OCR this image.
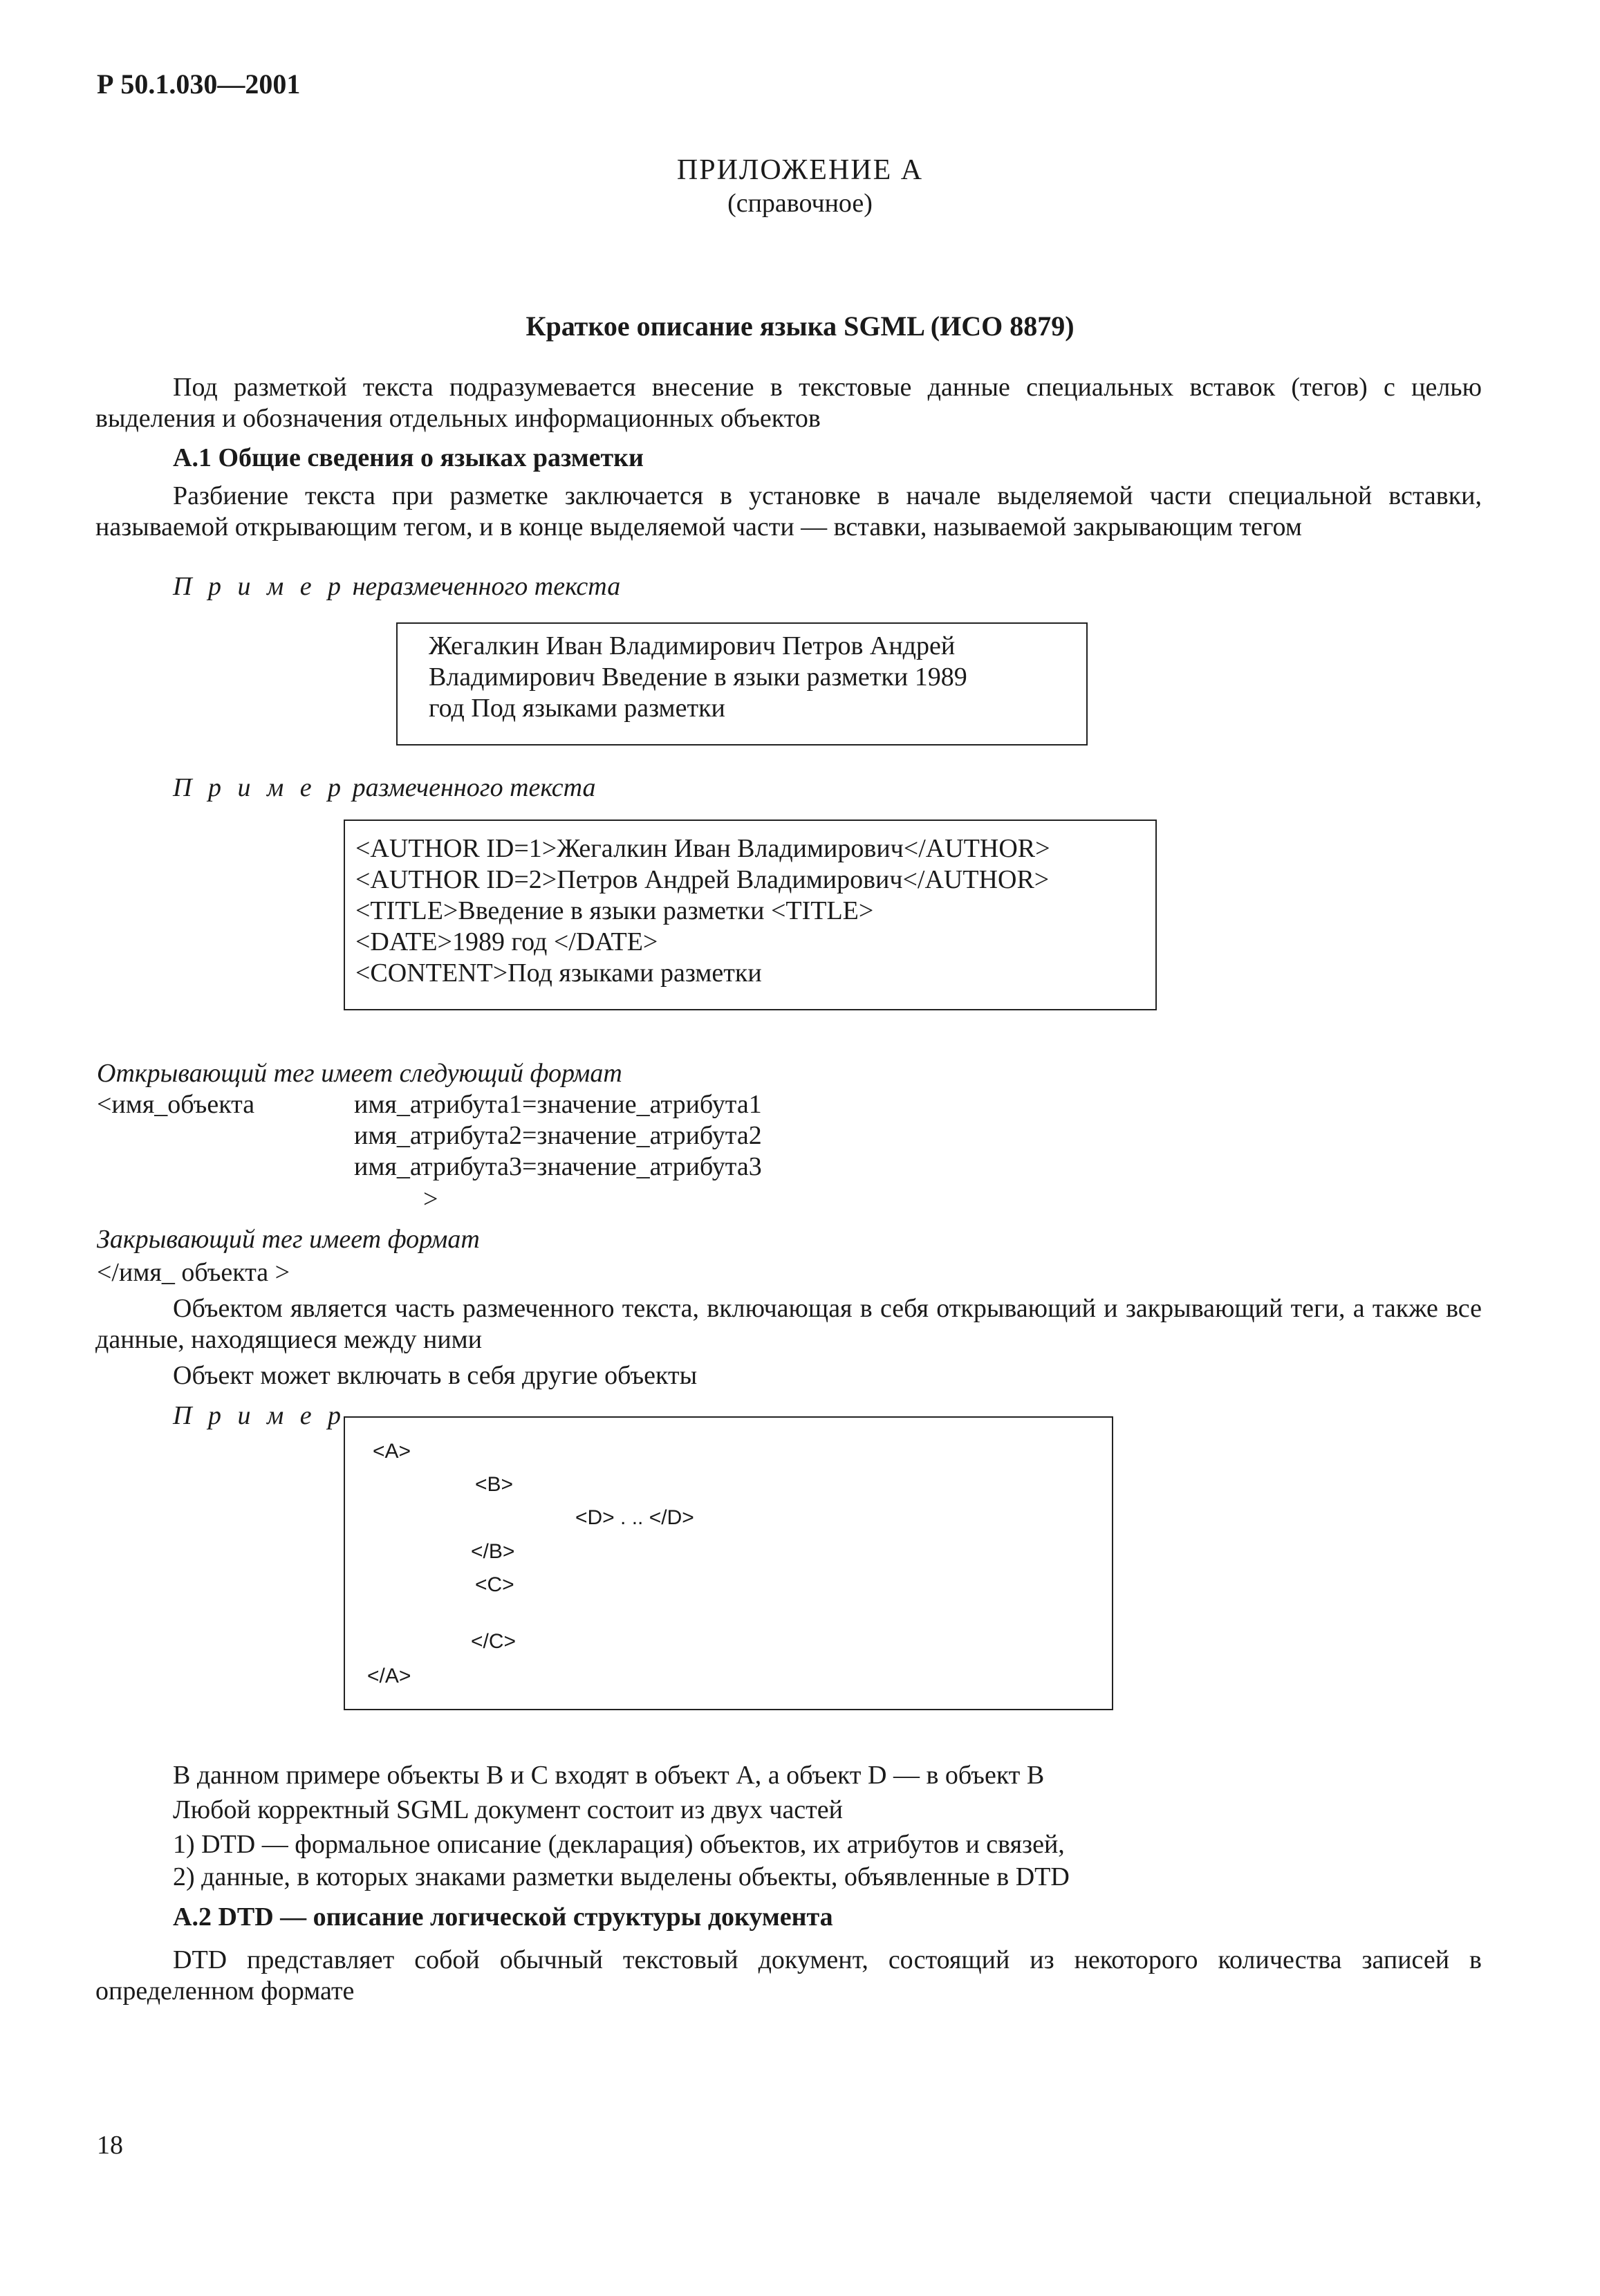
Р 50.1.030—2001
ПРИЛОЖЕНИЕ А
(справочное)
Краткое описание языка SGML (ИСО 8879)
Под разметкой текста подразумевается внесение в текстовые данные специальных вставок (тегов) с целью выделения и обозначения отдельных информационных объектов
А.1 Общие сведения о языках разметки
Разбиение текста при разметке заключается в установке в начале выделяемой части специальной вставки, называемой открывающим тегом, и в конце выделяемой части — вставки, называемой закрывающим тегом
П р и м е р неразмеченного текста
Жегалкин Иван Владимирович Петров Андрей
Владимирович Введение в языки разметки 1989
год Под языками разметки
П р и м е р размеченного текста
<AUTHOR ID=1>Жегалкин Иван Владимирович</AUTHOR>
<AUTHOR ID=2>Петров Андрей Владимирович</AUTHOR>
<TITLE>Введение в языки разметки <TITLE>
<DATE>1989 год </DATE>
<CONTENT>Под языками разметки
Открывающий тег имеет следующий формат
<имя_объекта	имя_атрибута1=значение_атрибута1
имя_атрибута2=значение_атрибута2
имя_атрибута3=значение_атрибута3
>
Закрывающий тег имеет формат
</имя_ объекта >
Объектом является часть размеченного текста, включающая в себя открывающий и закрывающий теги, а также все данные, находящиеся между ними
Объект может включать в себя другие объекты
П р и м е р
<A>
<B>
<D> . .. </D>
</B>
<C>
</C>
</A>
В данном примере объекты В и С входят в объект А, а объект D — в объект В
Любой корректный SGML документ состоит из двух частей
1) DTD — формальное описание (декларация) объектов, их атрибутов и связей,
2) данные, в которых знаками разметки выделены объекты, объявленные в DTD
А.2 DTD — описание логической структуры документа
DTD представляет собой обычный текстовый документ, состоящий из некоторого количества записей в определенном формате
18
